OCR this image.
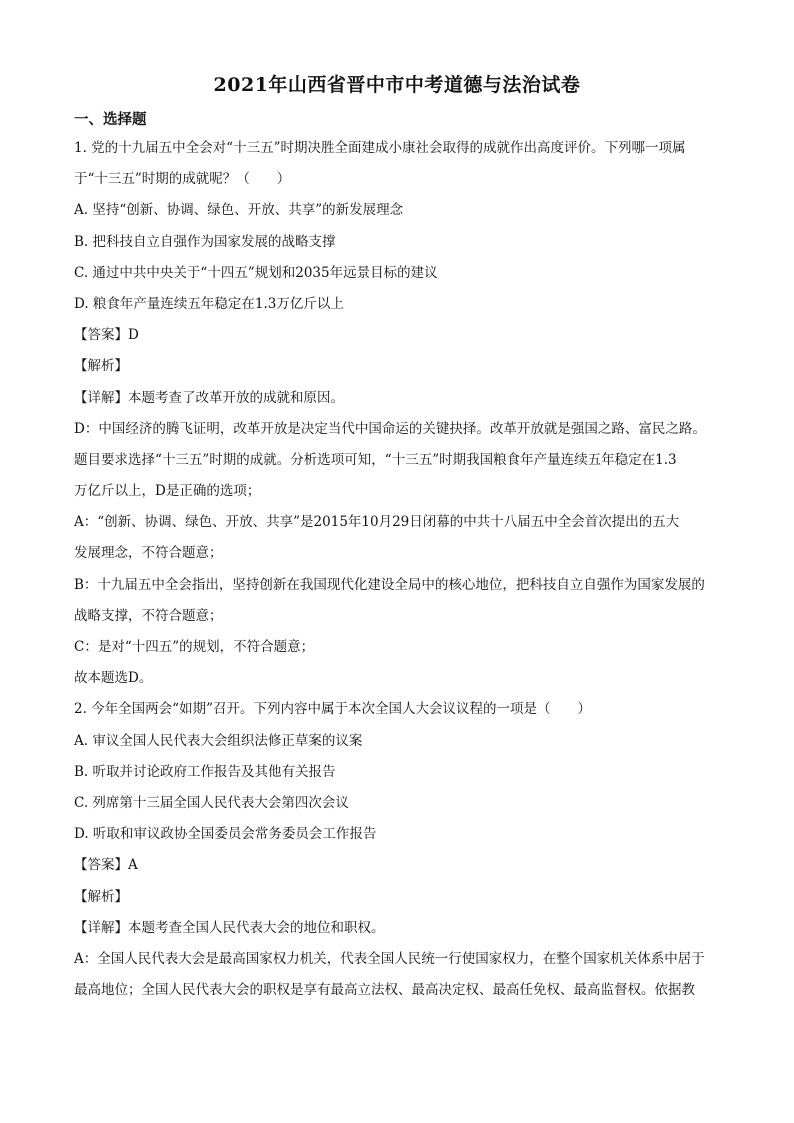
2021年山西省晋中市中考道德与法治试卷
一、选择题
1. 党的十九届五中全会对“十三五”时期决胜全面建成小康社会取得的成就作出高度评价。下列哪一项属
于“十三五”时期的成就呢？（　　）
A. 坚持“创新、协调、绿色、开放、共享”的新发展理念
B. 把科技自立自强作为国家发展的战略支撑
C. 通过中共中央关于“十四五”规划和2035年远景目标的建议
D. 粮食年产量连续五年稳定在1.3万亿斤以上
【答案】D
【解析】
【详解】本题考查了改革开放的成就和原因。
D：中国经济的腾飞证明，改革开放是决定当代中国命运的关键抉择。改革开放就是强国之路、富民之路。
题目要求选择“十三五”时期的成就。分析选项可知，“十三五”时期我国粮食年产量连续五年稳定在1.3
万亿斤以上，D是正确的选项；
A：“创新、协调、绿色、开放、共享”是2015年10月29日闭幕的中共十八届五中全会首次提出的五大
发展理念，不符合题意；
B：十九届五中全会指出，坚持创新在我国现代化建设全局中的核心地位，把科技自立自强作为国家发展的
战略支撑，不符合题意；
C：是对“十四五”的规划，不符合题意；
故本题选D。
2. 今年全国两会“如期”召开。下列内容中属于本次全国人大会议议程的一项是（　　）
A. 审议全国人民代表大会组织法修正草案的议案
B. 听取并讨论政府工作报告及其他有关报告
C. 列席第十三届全国人民代表大会第四次会议
D. 听取和审议政协全国委员会常务委员会工作报告
【答案】A
【解析】
【详解】本题考查全国人民代表大会的地位和职权。
A：全国人民代表大会是最高国家权力机关，代表全国人民统一行使国家权力，在整个国家机关体系中居于
最高地位；全国人民代表大会的职权是享有最高立法权、最高决定权、最高任免权、最高监督权。依据教
